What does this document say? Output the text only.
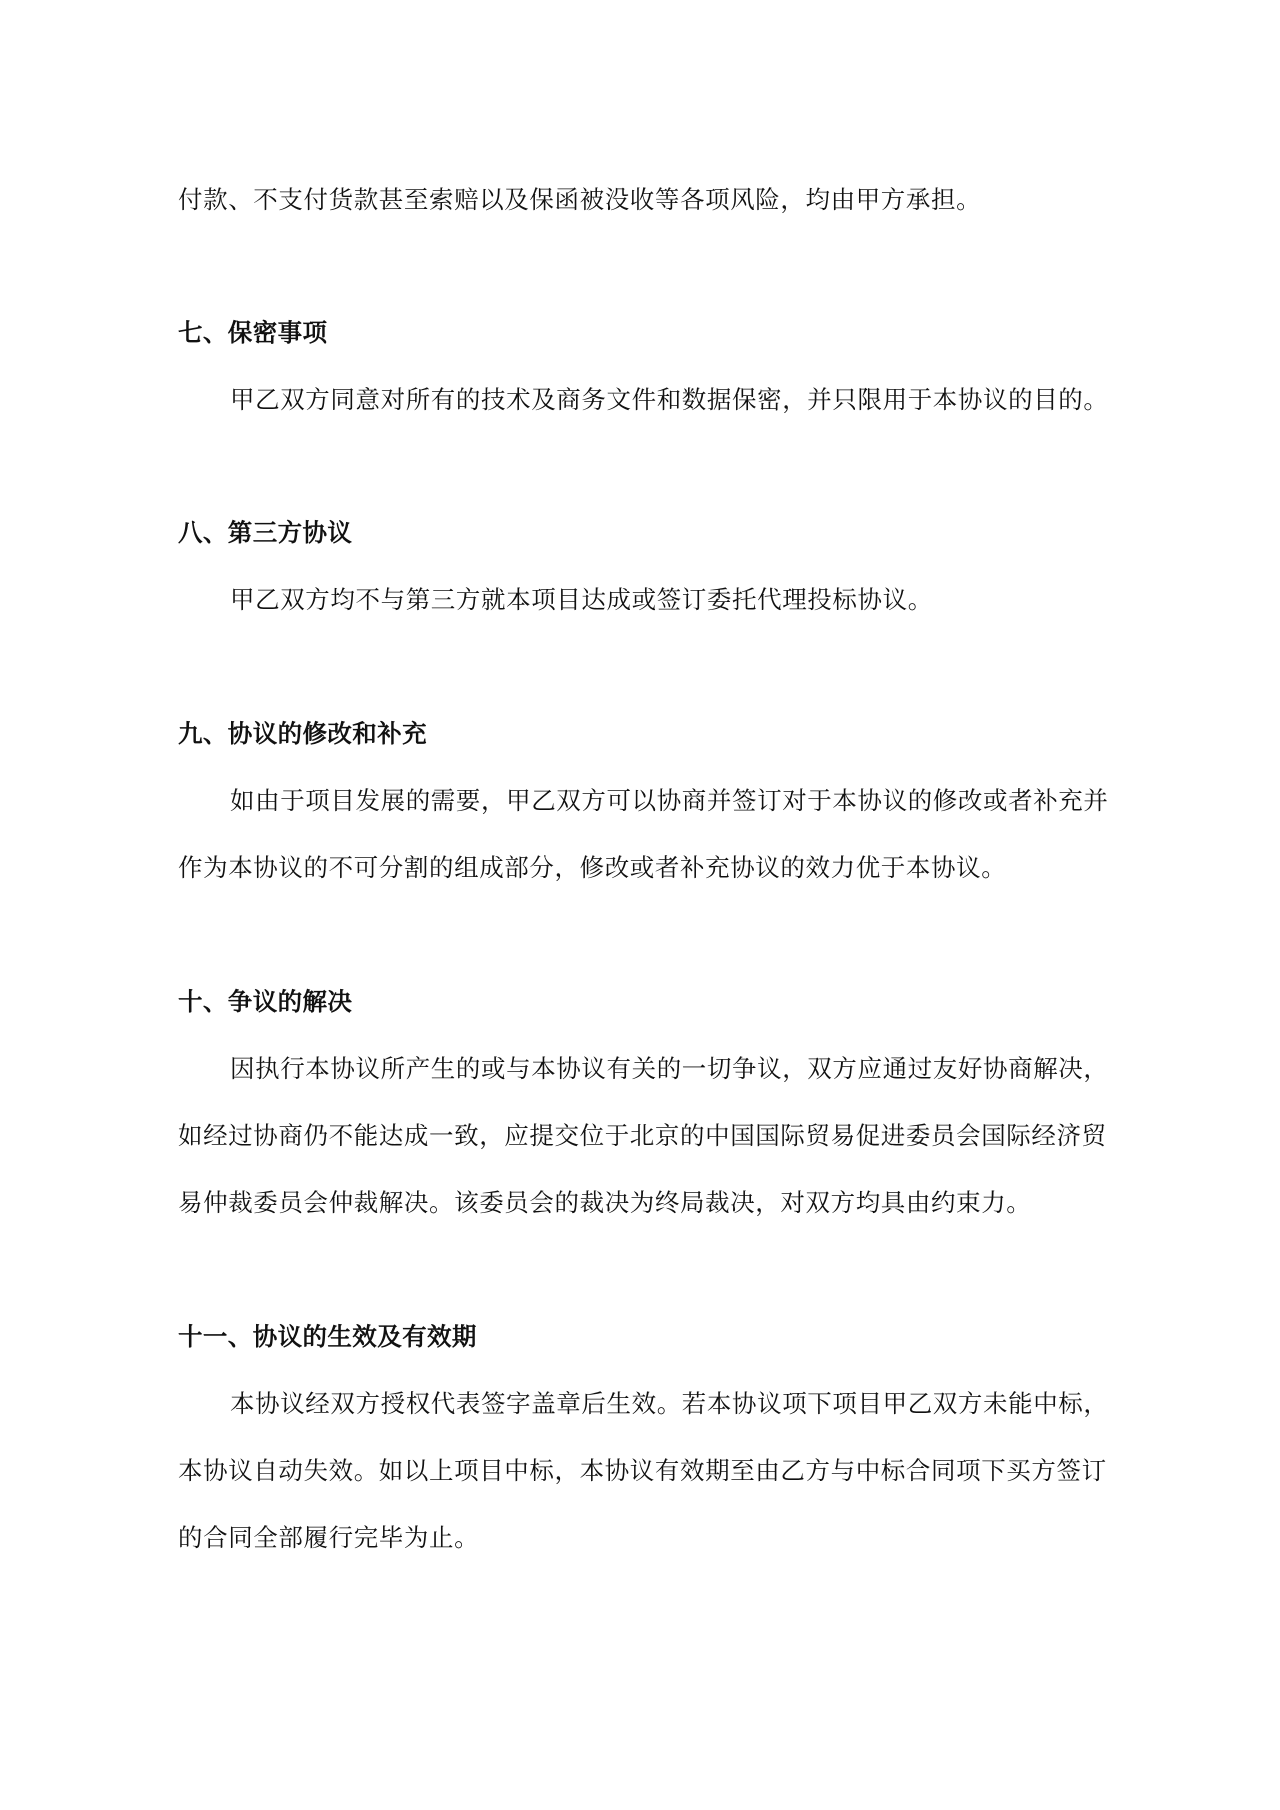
付款、不支付货款甚至索赔以及保函被没收等各项风险，均由甲方承担。
七、保密事项
甲乙双方同意对所有的技术及商务文件和数据保密，并只限用于本协议的目的。
八、第三方协议
甲乙双方均不与第三方就本项目达成或签订委托代理投标协议。
九、协议的修改和补充
如由于项目发展的需要，甲乙双方可以协商并签订对于本协议的修改或者补充并
作为本协议的不可分割的组成部分，修改或者补充协议的效力优于本协议。
十、争议的解决
因执行本协议所产生的或与本协议有关的一切争议，双方应通过友好协商解决，
如经过协商仍不能达成一致，应提交位于北京的中国国际贸易促进委员会国际经济贸
易仲裁委员会仲裁解决。该委员会的裁决为终局裁决，对双方均具由约束力。
十一、协议的生效及有效期
本协议经双方授权代表签字盖章后生效。若本协议项下项目甲乙双方未能中标，
本协议自动失效。如以上项目中标，本协议有效期至由乙方与中标合同项下买方签订
的合同全部履行完毕为止。
